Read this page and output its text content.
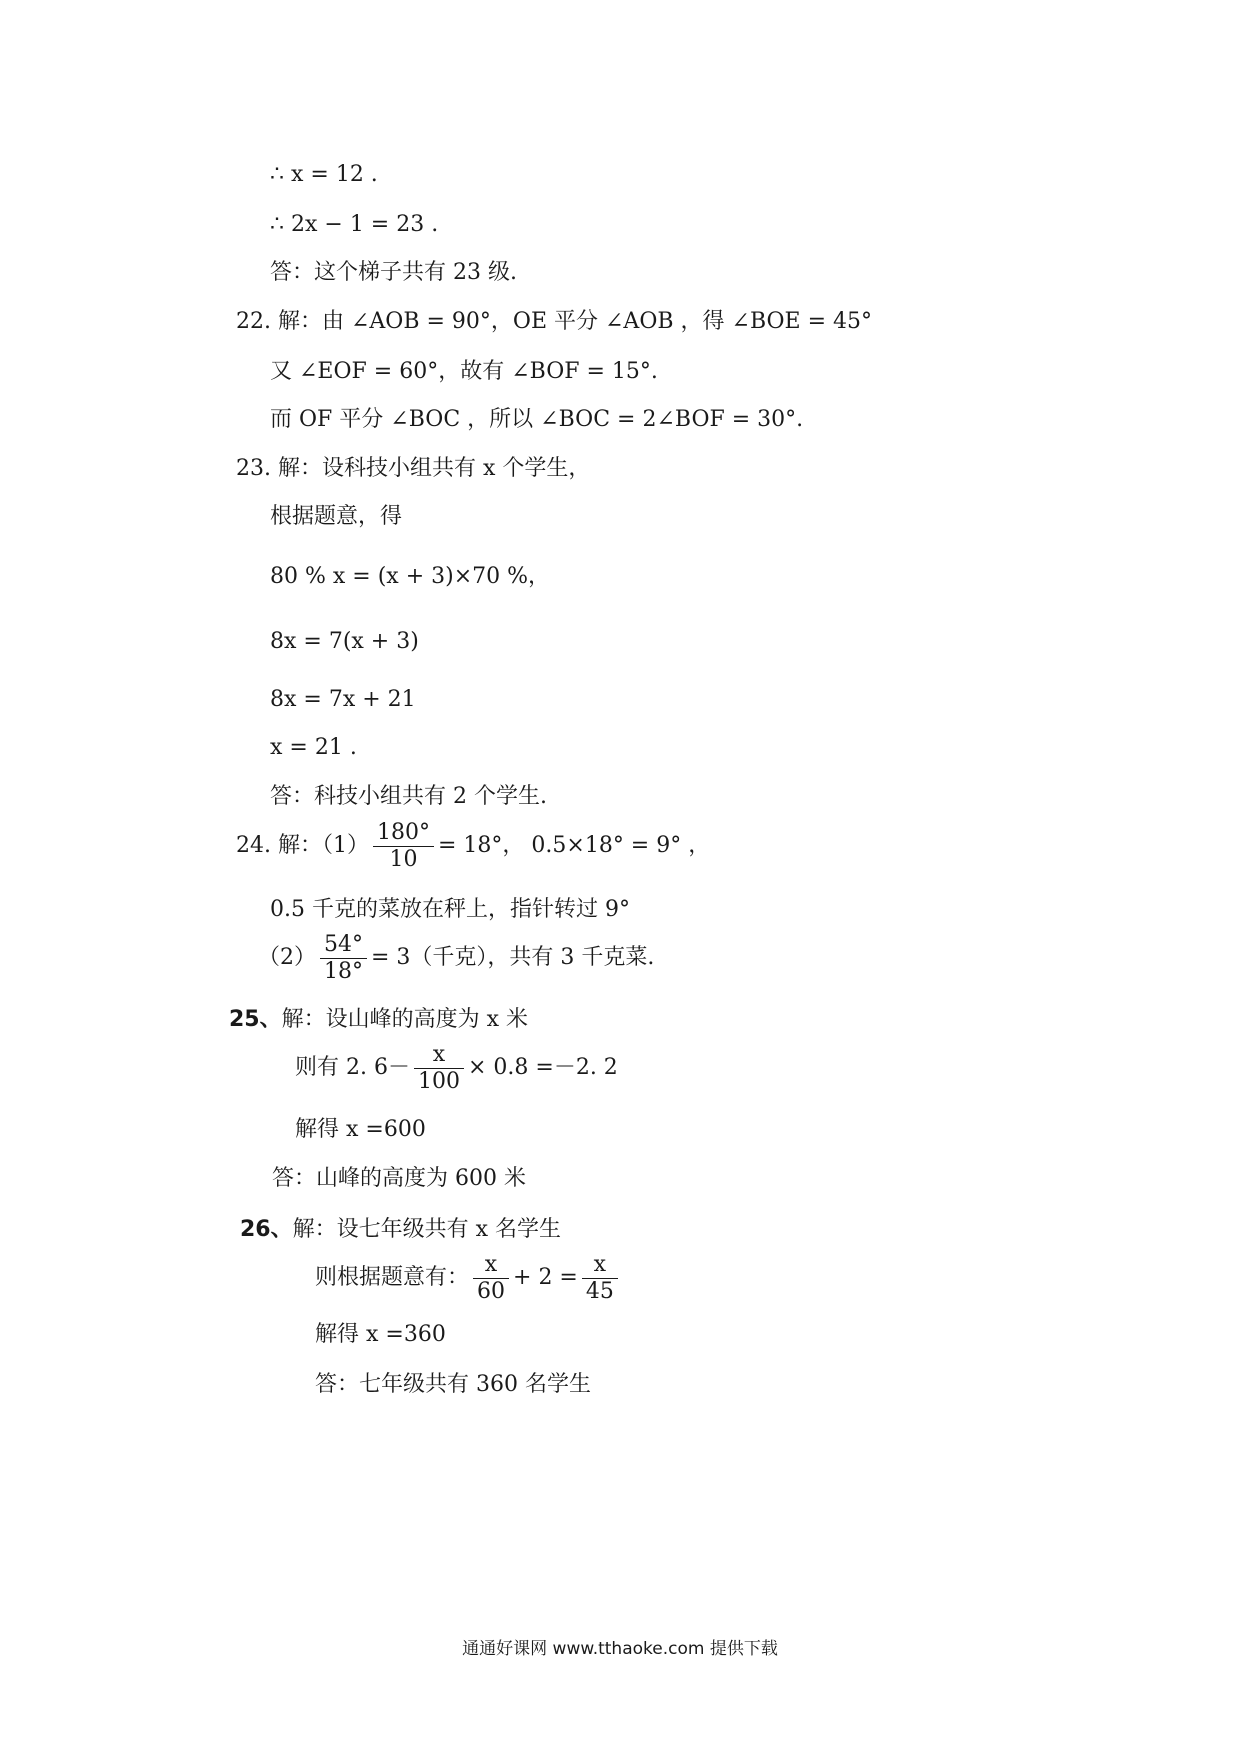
∴ x = 12 .
∴ 2x − 1 = 23 .
答：这个梯子共有 23 级.
22. 解：由 ∠AOB = 90°，OE 平分 ∠AOB ，得 ∠BOE = 45°
又 ∠EOF = 60°，故有 ∠BOF = 15°.
而 OF 平分 ∠BOC ，所以 ∠BOC = 2∠BOF = 30°.
23. 解：设科技小组共有 x 个学生，
根据题意，得
80 % x = (x + 3)×70 %，
8x = 7(x + 3)
8x = 7x + 21
x = 21 .
答：科技小组共有 2 个学生.
24. 解：$(1) \frac{180^\circ}{10} = 18^\circ$， 0.5×18° = 9° ，
0.5 千克的菜放在秤上，指针转过 9°
$(2) \frac{54^\circ}{18^\circ} = 3$（千克），共有 3 千克菜.
25、解：设山峰的高度为 x 米
则有 2. $6- \frac{x}{100} \times 0.8 =-2$. 2
解得 x =600
答：山峰的高度为 600 米
26、解：设七年级共有 x 名学生
则根据题意有： $\frac{x}{60} + 2 = \frac{x}{45}$
解得 x =360
答：七年级共有 360 名学生
通通好课网 www.tthaoke.com 提供下载
